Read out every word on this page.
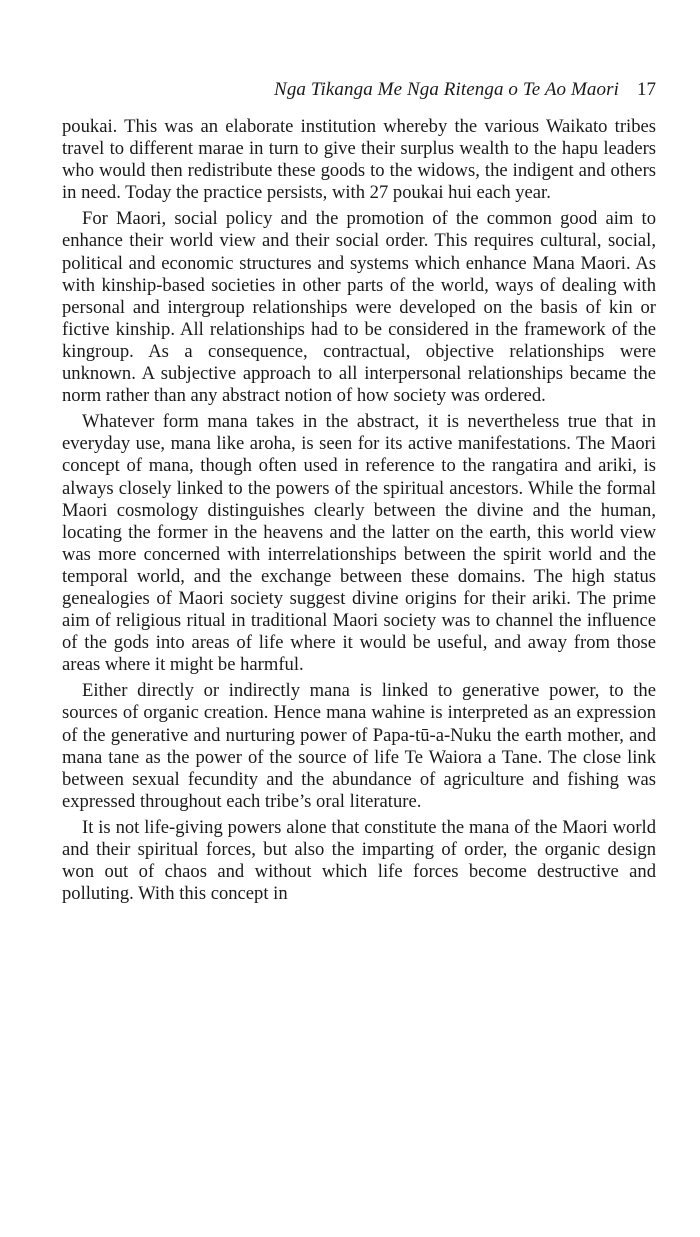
Nga Tikanga Me Nga Ritenga o Te Ao Maori 17

poukai. This was an elaborate institution whereby the various Waikato tribes travel to different marae in turn to give their surplus wealth to the hapu leaders who would then redistribute these goods to the widows, the indigent and others in need. Today the practice persists, with 27 poukai hui each year.

For Maori, social policy and the promotion of the common good aim to enhance their world view and their social order. This requires cultural, social, political and economic structures and systems which enhance Mana Maori. As with kinship-based societies in other parts of the world, ways of dealing with personal and intergroup relationships were developed on the basis of kin or fictive kinship. All relationships had to be considered in the framework of the kingroup. As a consequence, contractual, objective relationships were unknown. A subjective approach to all interpersonal relationships became the norm rather than any abstract notion of how society was ordered.

Whatever form mana takes in the abstract, it is nevertheless true that in everyday use, mana like aroha, is seen for its active manifestations. The Maori concept of mana, though often used in reference to the rangatira and ariki, is always closely linked to the powers of the spiritual ancestors. While the formal Maori cosmology distinguishes clearly between the divine and the human, locating the former in the heavens and the latter on the earth, this world view was more concerned with interrelationships between the spirit world and the temporal world, and the exchange between these domains. The high status genealogies of Maori society suggest divine origins for their ariki. The prime aim of religious ritual in traditional Maori society was to channel the influence of the gods into areas of life where it would be useful, and away from those areas where it might be harmful.

Either directly or indirectly mana is linked to generative power, to the sources of organic creation. Hence mana wahine is interpreted as an expression of the generative and nurturing power of Papa-tū-a-Nuku the earth mother, and mana tane as the power of the source of life Te Waiora a Tane. The close link between sexual fecundity and the abundance of agriculture and fishing was expressed throughout each tribe’s oral literature.

It is not life-giving powers alone that constitute the mana of the Maori world and their spiritual forces, but also the imparting of order, the organic design won out of chaos and without which life forces become destructive and polluting. With this concept in
